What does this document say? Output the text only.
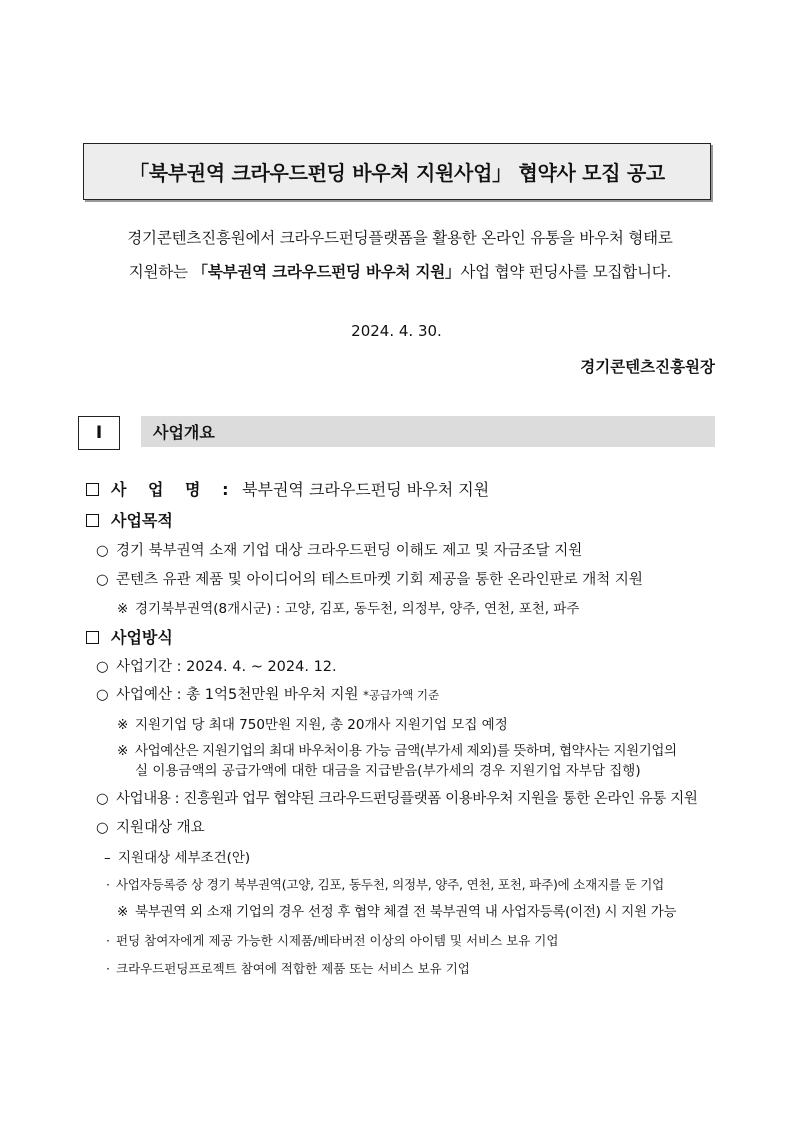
「북부권역 크라우드펀딩 바우처 지원사업」 협약사 모집 공고
경기콘텐츠진흥원에서 크라우드펀딩플랫폼을 활용한 온라인 유통을 바우처 형태로
지원하는 「북부권역 크라우드펀딩 바우처 지원」사업 협약 펀딩사를 모집합니다.
2024. 4. 30.
경기콘텐츠진흥원장
Ⅰ	사업개요
사 업 명 : 북부권역 크라우드펀딩 바우처 지원
사업목적
○ 경기 북부권역 소재 기업 대상 크라우드펀딩 이해도 제고 및 자금조달 지원
○ 콘텐츠 유관 제품 및 아이디어의 테스트마켓 기회 제공을 통한 온라인판로 개척 지원
※ 경기북부권역(8개시군) : 고양, 김포, 동두천, 의정부, 양주, 연천, 포천, 파주
사업방식
○ 사업기간 : 2024. 4. ~ 2024. 12.
○ 사업예산 : 총 1억5천만원 바우처 지원 *공급가액 기준
※ 지원기업 당 최대 750만원 지원, 총 20개사 지원기업 모집 예정
※ 사업예산은 지원기업의 최대 바우처이용 가능 금액(부가세 제외)를 뜻하며, 협약사는 지원기업의
실 이용금액의 공급가액에 대한 대금을 지급받음(부가세의 경우 지원기업 자부담 집행)
○ 사업내용 : 진흥원과 업무 협약된 크라우드펀딩플랫폼 이용바우처 지원을 통한 온라인 유통 지원
○ 지원대상 개요
– 지원대상 세부조건(안)
· 사업자등록증 상 경기 북부권역(고양, 김포, 동두천, 의정부, 양주, 연천, 포천, 파주)에 소재지를 둔 기업
※ 북부권역 외 소재 기업의 경우 선정 후 협약 체결 전 북부권역 내 사업자등록(이전) 시 지원 가능
· 펀딩 참여자에게 제공 가능한 시제품/베타버전 이상의 아이템 및 서비스 보유 기업
· 크라우드펀딩프로젝트 참여에 적합한 제품 또는 서비스 보유 기업
